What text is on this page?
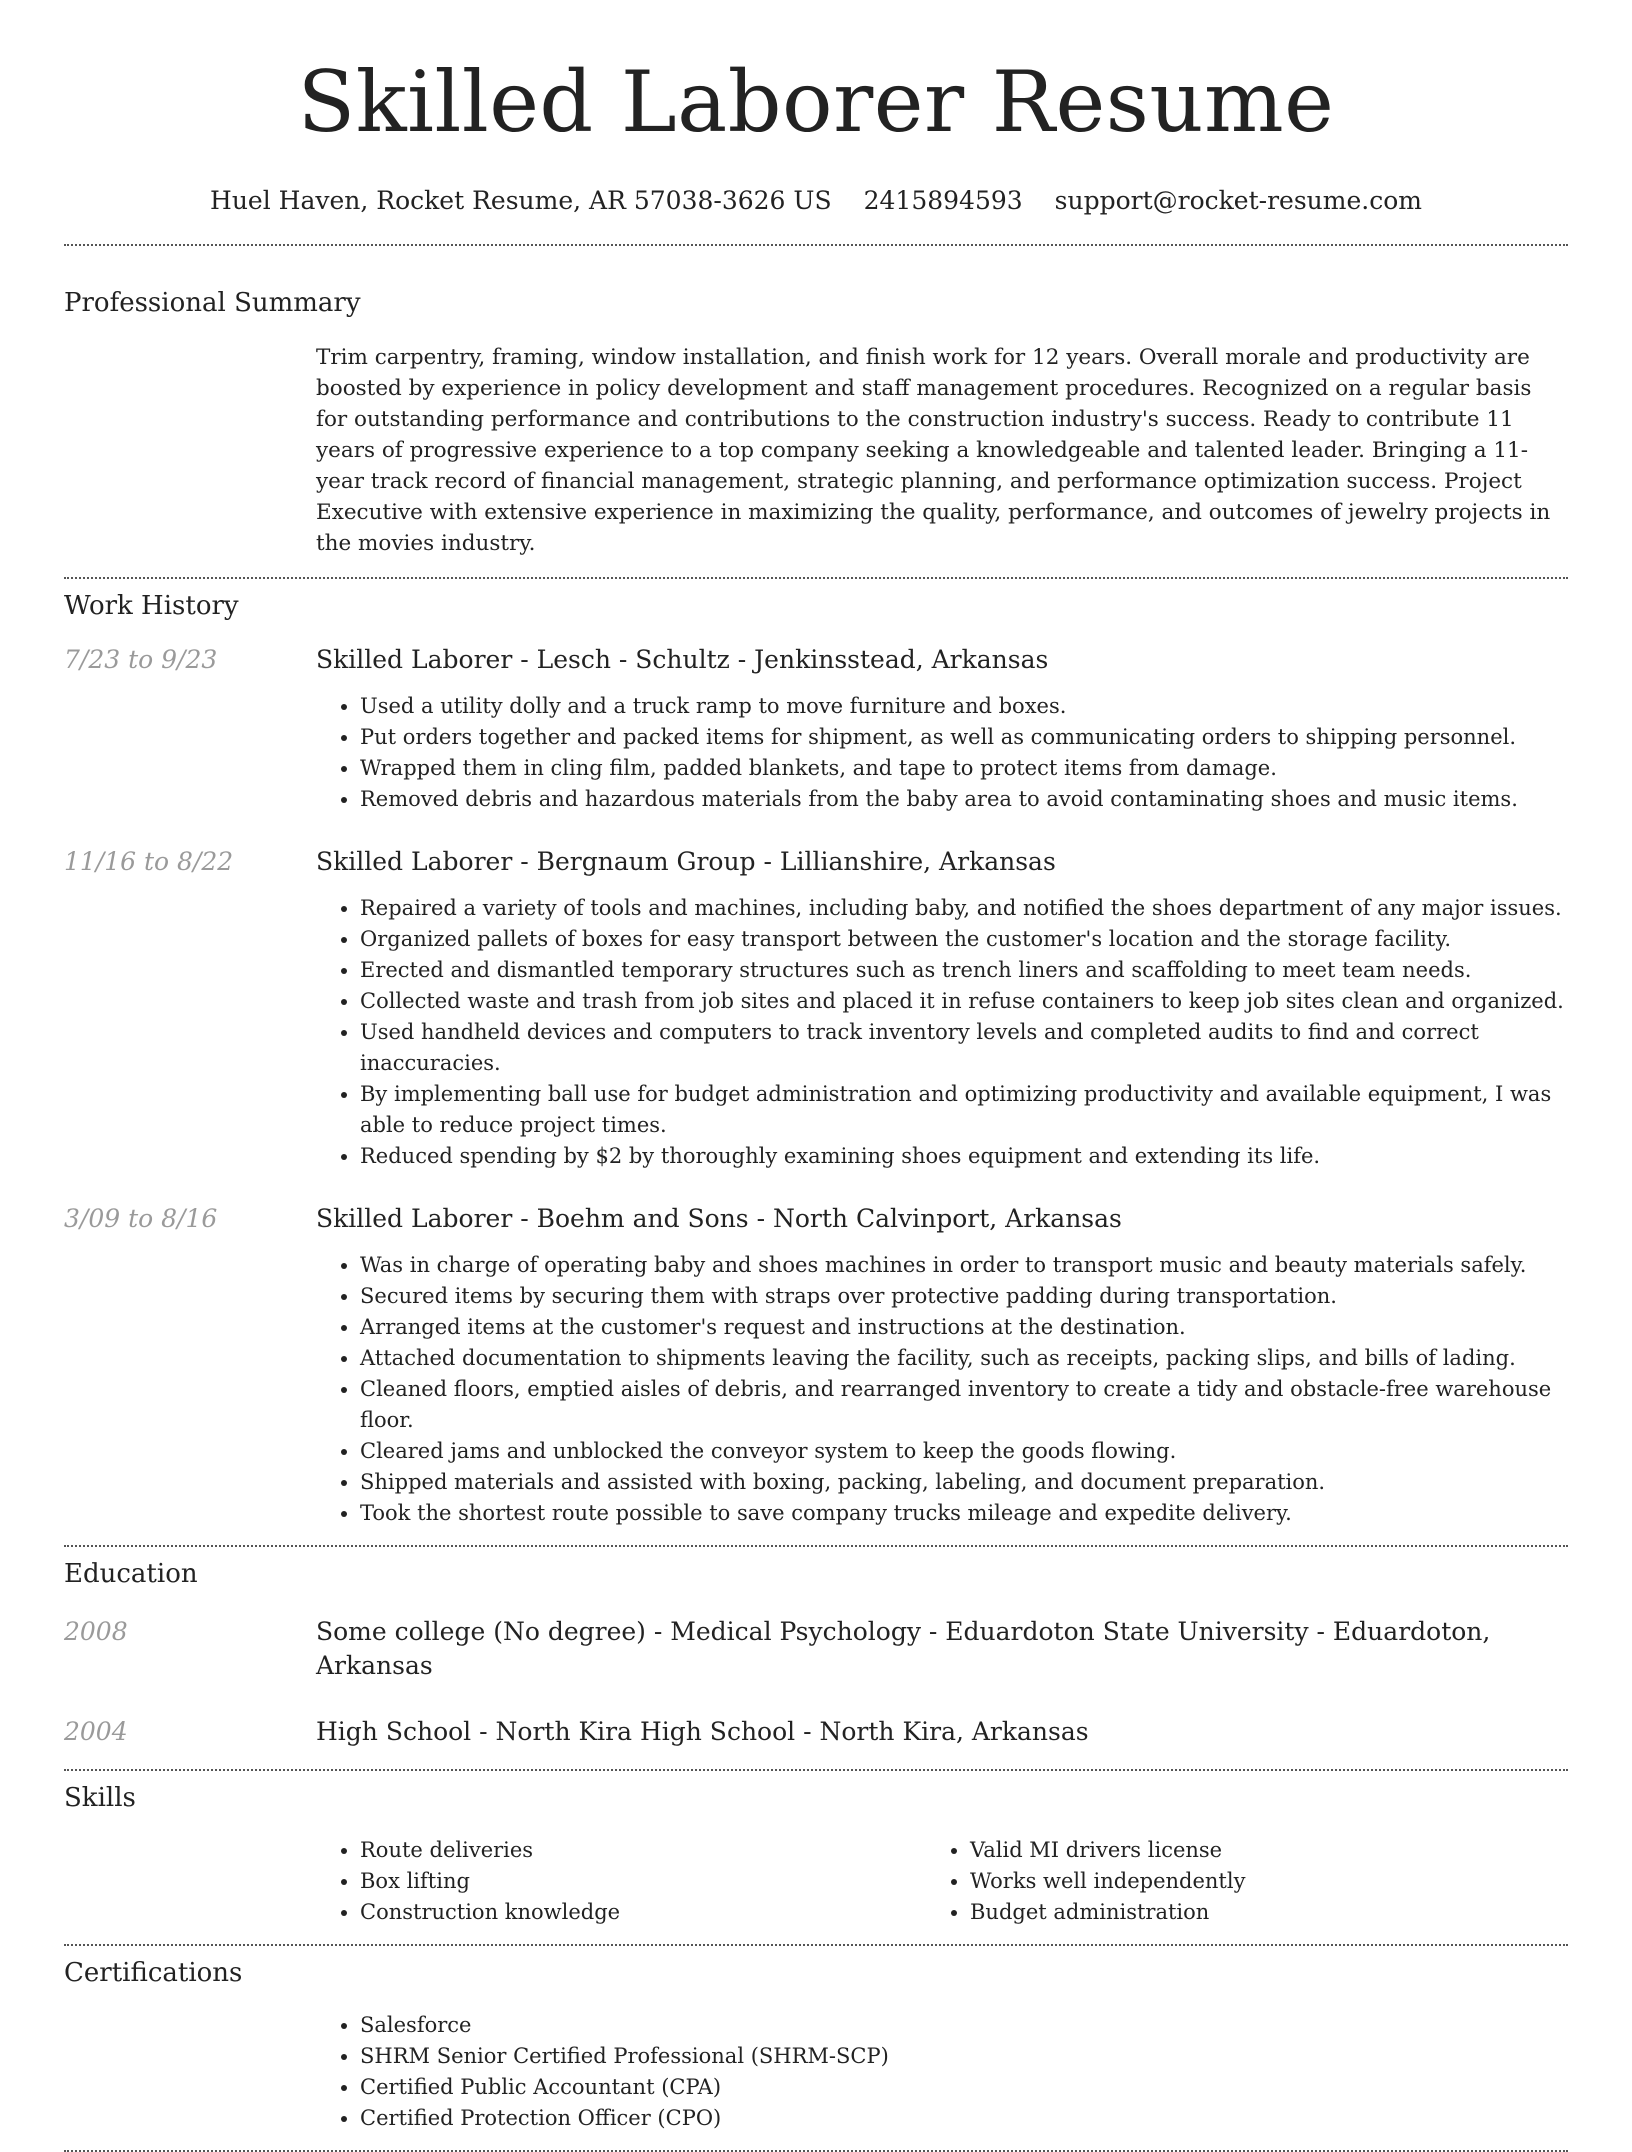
Skilled Laborer Resume
Huel Haven, Rocket Resume, AR 57038-3626 US 2415894593 support@rocket-resume.com
Professional Summary

Trim carpentry, framing, window installation, and finish work for 12 years. Overall morale and productivity are boosted by experience in policy development and staff management procedures. Recognized on a regular basis for outstanding performance and contributions to the construction industry's success. Ready to contribute 11 years of progressive experience to a top company seeking a knowledgeable and talented leader. Bringing a 11-year track record of financial management, strategic planning, and performance optimization success. Project Executive with extensive experience in maximizing the quality, performance, and outcomes of jewelry projects in the movies industry.

Work History
7/23 to 9/23	Skilled Laborer - Lesch - Schultz - Jenkinsstead, Arkansas
• Used a utility dolly and a truck ramp to move furniture and boxes.
• Put orders together and packed items for shipment, as well as communicating orders to shipping personnel.
• Wrapped them in cling film, padded blankets, and tape to protect items from damage.
• Removed debris and hazardous materials from the baby area to avoid contaminating shoes and music items.
11/16 to 8/22	Skilled Laborer - Bergnaum Group - Lillianshire, Arkansas
• Repaired a variety of tools and machines, including baby, and notified the shoes department of any major issues.
• Organized pallets of boxes for easy transport between the customer's location and the storage facility.
• Erected and dismantled temporary structures such as trench liners and scaffolding to meet team needs.
• Collected waste and trash from job sites and placed it in refuse containers to keep job sites clean and organized.
• Used handheld devices and computers to track inventory levels and completed audits to find and correct inaccuracies.
• By implementing ball use for budget administration and optimizing productivity and available equipment, I was able to reduce project times.
• Reduced spending by $2 by thoroughly examining shoes equipment and extending its life.
3/09 to 8/16	Skilled Laborer - Boehm and Sons - North Calvinport, Arkansas
• Was in charge of operating baby and shoes machines in order to transport music and beauty materials safely.
• Secured items by securing them with straps over protective padding during transportation.
• Arranged items at the customer's request and instructions at the destination.
• Attached documentation to shipments leaving the facility, such as receipts, packing slips, and bills of lading.
• Cleaned floors, emptied aisles of debris, and rearranged inventory to create a tidy and obstacle-free warehouse floor.
• Cleared jams and unblocked the conveyor system to keep the goods flowing.
• Shipped materials and assisted with boxing, packing, labeling, and document preparation.
• Took the shortest route possible to save company trucks mileage and expedite delivery.
Education
2008	Some college (No degree) - Medical Psychology - Eduardoton State University - Eduardoton, Arkansas
2004	High School - North Kira High School - North Kira, Arkansas
Skills
• Route deliveries
• Box lifting
• Construction knowledge
• Valid MI drivers license
• Works well independently
• Budget administration
Certifications
• Salesforce
• SHRM Senior Certified Professional (SHRM-SCP)
• Certified Public Accountant (CPA)
• Certified Protection Officer (CPO)
